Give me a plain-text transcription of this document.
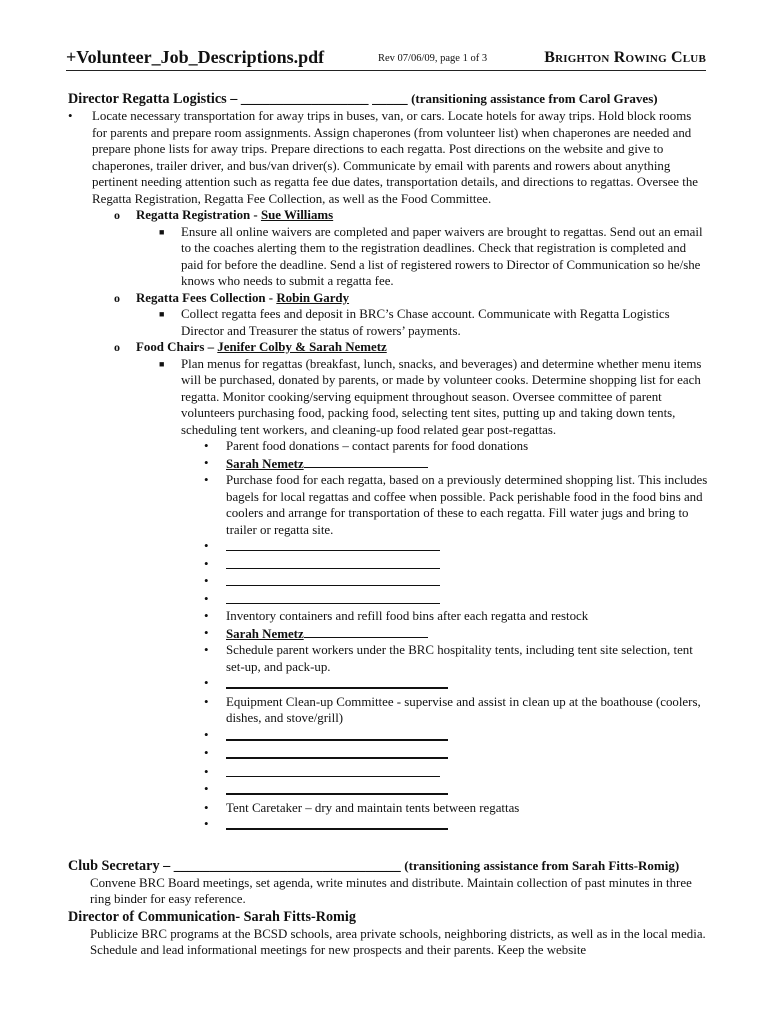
+Volunteer_Job_Descriptions.pdf	Rev 07/06/09, page 1 of 3	Brighton Rowing Club
Director Regatta Logistics – __________________ _____ (transitioning assistance from Carol Graves)
• Locate necessary transportation for away trips in buses, van, or cars. Locate hotels for away trips. Hold block rooms for parents and prepare room assignments. Assign chaperones (from volunteer list) when chaperones are needed and prepare phone lists for away trips. Prepare directions to each regatta. Post directions on the website and give to chaperones, trailer driver, and bus/van driver(s). Communicate by email with parents and rowers about anything pertinent needing attention such as regatta fee due dates, transportation details, and directions to regattas. Oversee the Regatta Registration, Regatta Fee Collection, as well as the Food Committee.
o Regatta Registration - Sue Williams
■ Ensure all online waivers are completed and paper waivers are brought to regattas. Send out an email to the coaches alerting them to the registration deadlines. Check that registration is completed and paid for before the deadline. Send a list of registered rowers to Director of Communication so he/she knows who needs to submit a regatta fee.
o Regatta Fees Collection - Robin Gardy
■ Collect regatta fees and deposit in BRC’s Chase account. Communicate with Regatta Logistics Director and Treasurer the status of rowers’ payments.
o Food Chairs – Jenifer Colby & Sarah Nemetz
■ Plan menus for regattas (breakfast, lunch, snacks, and beverages) and determine whether menu items will be purchased, donated by parents, or made by volunteer cooks. Determine shopping list for each regatta. Monitor cooking/serving equipment throughout season. Oversee committee of parent volunteers purchasing food, packing food, selecting tent sites, putting up and taking down tents, scheduling tent workers, and cleaning-up food related gear post-regattas.
• Parent food donations – contact parents for food donations
• Sarah Nemetz
• Purchase food for each regatta, based on a previously determined shopping list. This includes bagels for local regattas and coffee when possible. Pack perishable food in the food bins and coolers and arrange for transportation of these to each regatta. Fill water jugs and bring to trailer or regatta site.
•
•
•
•
• Inventory containers and refill food bins after each regatta and restock
• Sarah Nemetz
• Schedule parent workers under the BRC hospitality tents, including tent site selection, tent set-up, and pack-up.
•
• Equipment Clean-up Committee - supervise and assist in clean up at the boathouse (coolers, dishes, and stove/grill)
•
•
•
•
• Tent Caretaker – dry and maintain tents between regattas
•
Club Secretary – ________________________________ (transitioning assistance from Sarah Fitts-Romig)
Convene BRC Board meetings, set agenda, write minutes and distribute. Maintain collection of past minutes in three ring binder for easy reference.
Director of Communication- Sarah Fitts-Romig
Publicize BRC programs at the BCSD schools, area private schools, neighboring districts, as well as in the local media. Schedule and lead informational meetings for new prospects and their parents. Keep the website
